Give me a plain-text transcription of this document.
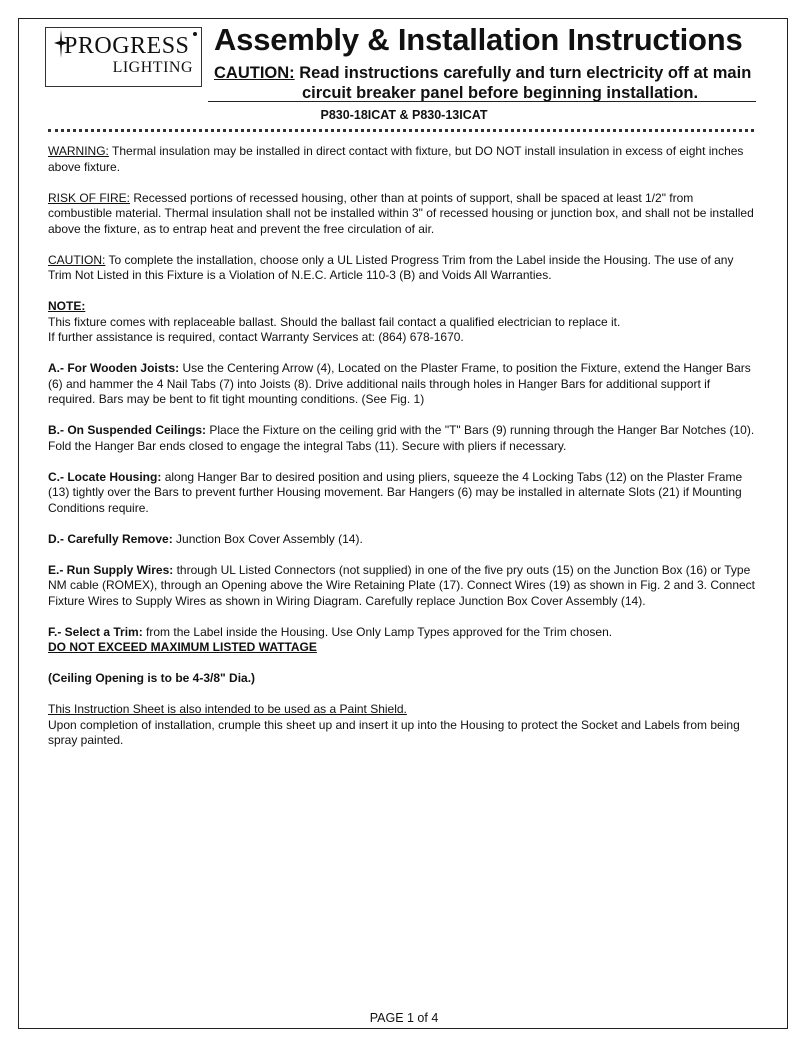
PROGRESS
LIGHTING
Assembly & Installation Instructions
CAUTION: Read instructions carefully and turn electricity off at main
circuit breaker panel before beginning installation.
P830-18ICAT & P830-13ICAT

WARNING: Thermal insulation may be installed in direct contact with fixture, but DO NOT install insulation in excess of eight inches above fixture.

RISK OF FIRE: Recessed portions of recessed housing, other than at points of support, shall be spaced at least 1/2" from combustible material. Thermal insulation shall not be installed within 3" of recessed housing or junction box, and shall not be installed above the fixture, as to entrap heat and prevent the free circulation of air.

CAUTION: To complete the installation, choose only a UL Listed Progress Trim from the Label inside the Housing. The use of any Trim Not Listed in this Fixture is a Violation of N.E.C. Article 110-3 (B) and Voids All Warranties.

NOTE:
This fixture comes with replaceable ballast. Should the ballast fail contact a qualified electrician to replace it.
If further assistance is required, contact Warranty Services at: (864) 678-1670.

A.- For Wooden Joists: Use the Centering Arrow (4), Located on the Plaster Frame, to position the Fixture, extend the Hanger Bars (6) and hammer the 4 Nail Tabs (7) into Joists (8). Drive additional nails through holes in Hanger Bars for additional support if required. Bars may be bent to fit tight mounting conditions. (See Fig. 1)

B.- On Suspended Ceilings: Place the Fixture on the ceiling grid with the "T" Bars (9) running through the Hanger Bar Notches (10). Fold the Hanger Bar ends closed to engage the integral Tabs (11). Secure with pliers if necessary.

C.- Locate Housing: along Hanger Bar to desired position and using pliers, squeeze the 4 Locking Tabs (12) on the Plaster Frame (13) tightly over the Bars to prevent further Housing movement. Bar Hangers (6) may be installed in alternate Slots (21) if Mounting Conditions require.

D.- Carefully Remove: Junction Box Cover Assembly (14).

E.- Run Supply Wires: through UL Listed Connectors (not supplied) in one of the five pry outs (15) on the Junction Box (16) or Type NM cable (ROMEX), through an Opening above the Wire Retaining Plate (17). Connect Wires (19) as shown in Fig. 2 and 3. Connect Fixture Wires to Supply Wires as shown in Wiring Diagram. Carefully replace Junction Box Cover Assembly (14).

F.- Select a Trim: from the Label inside the Housing. Use Only Lamp Types approved for the Trim chosen.
DO NOT EXCEED MAXIMUM LISTED WATTAGE

(Ceiling Opening is to be 4-3/8" Dia.)

This Instruction Sheet is also intended to be used as a Paint Shield.
Upon completion of installation, crumple this sheet up and insert it up into the Housing to protect the Socket and Labels from being spray painted.

PAGE 1 of 4
